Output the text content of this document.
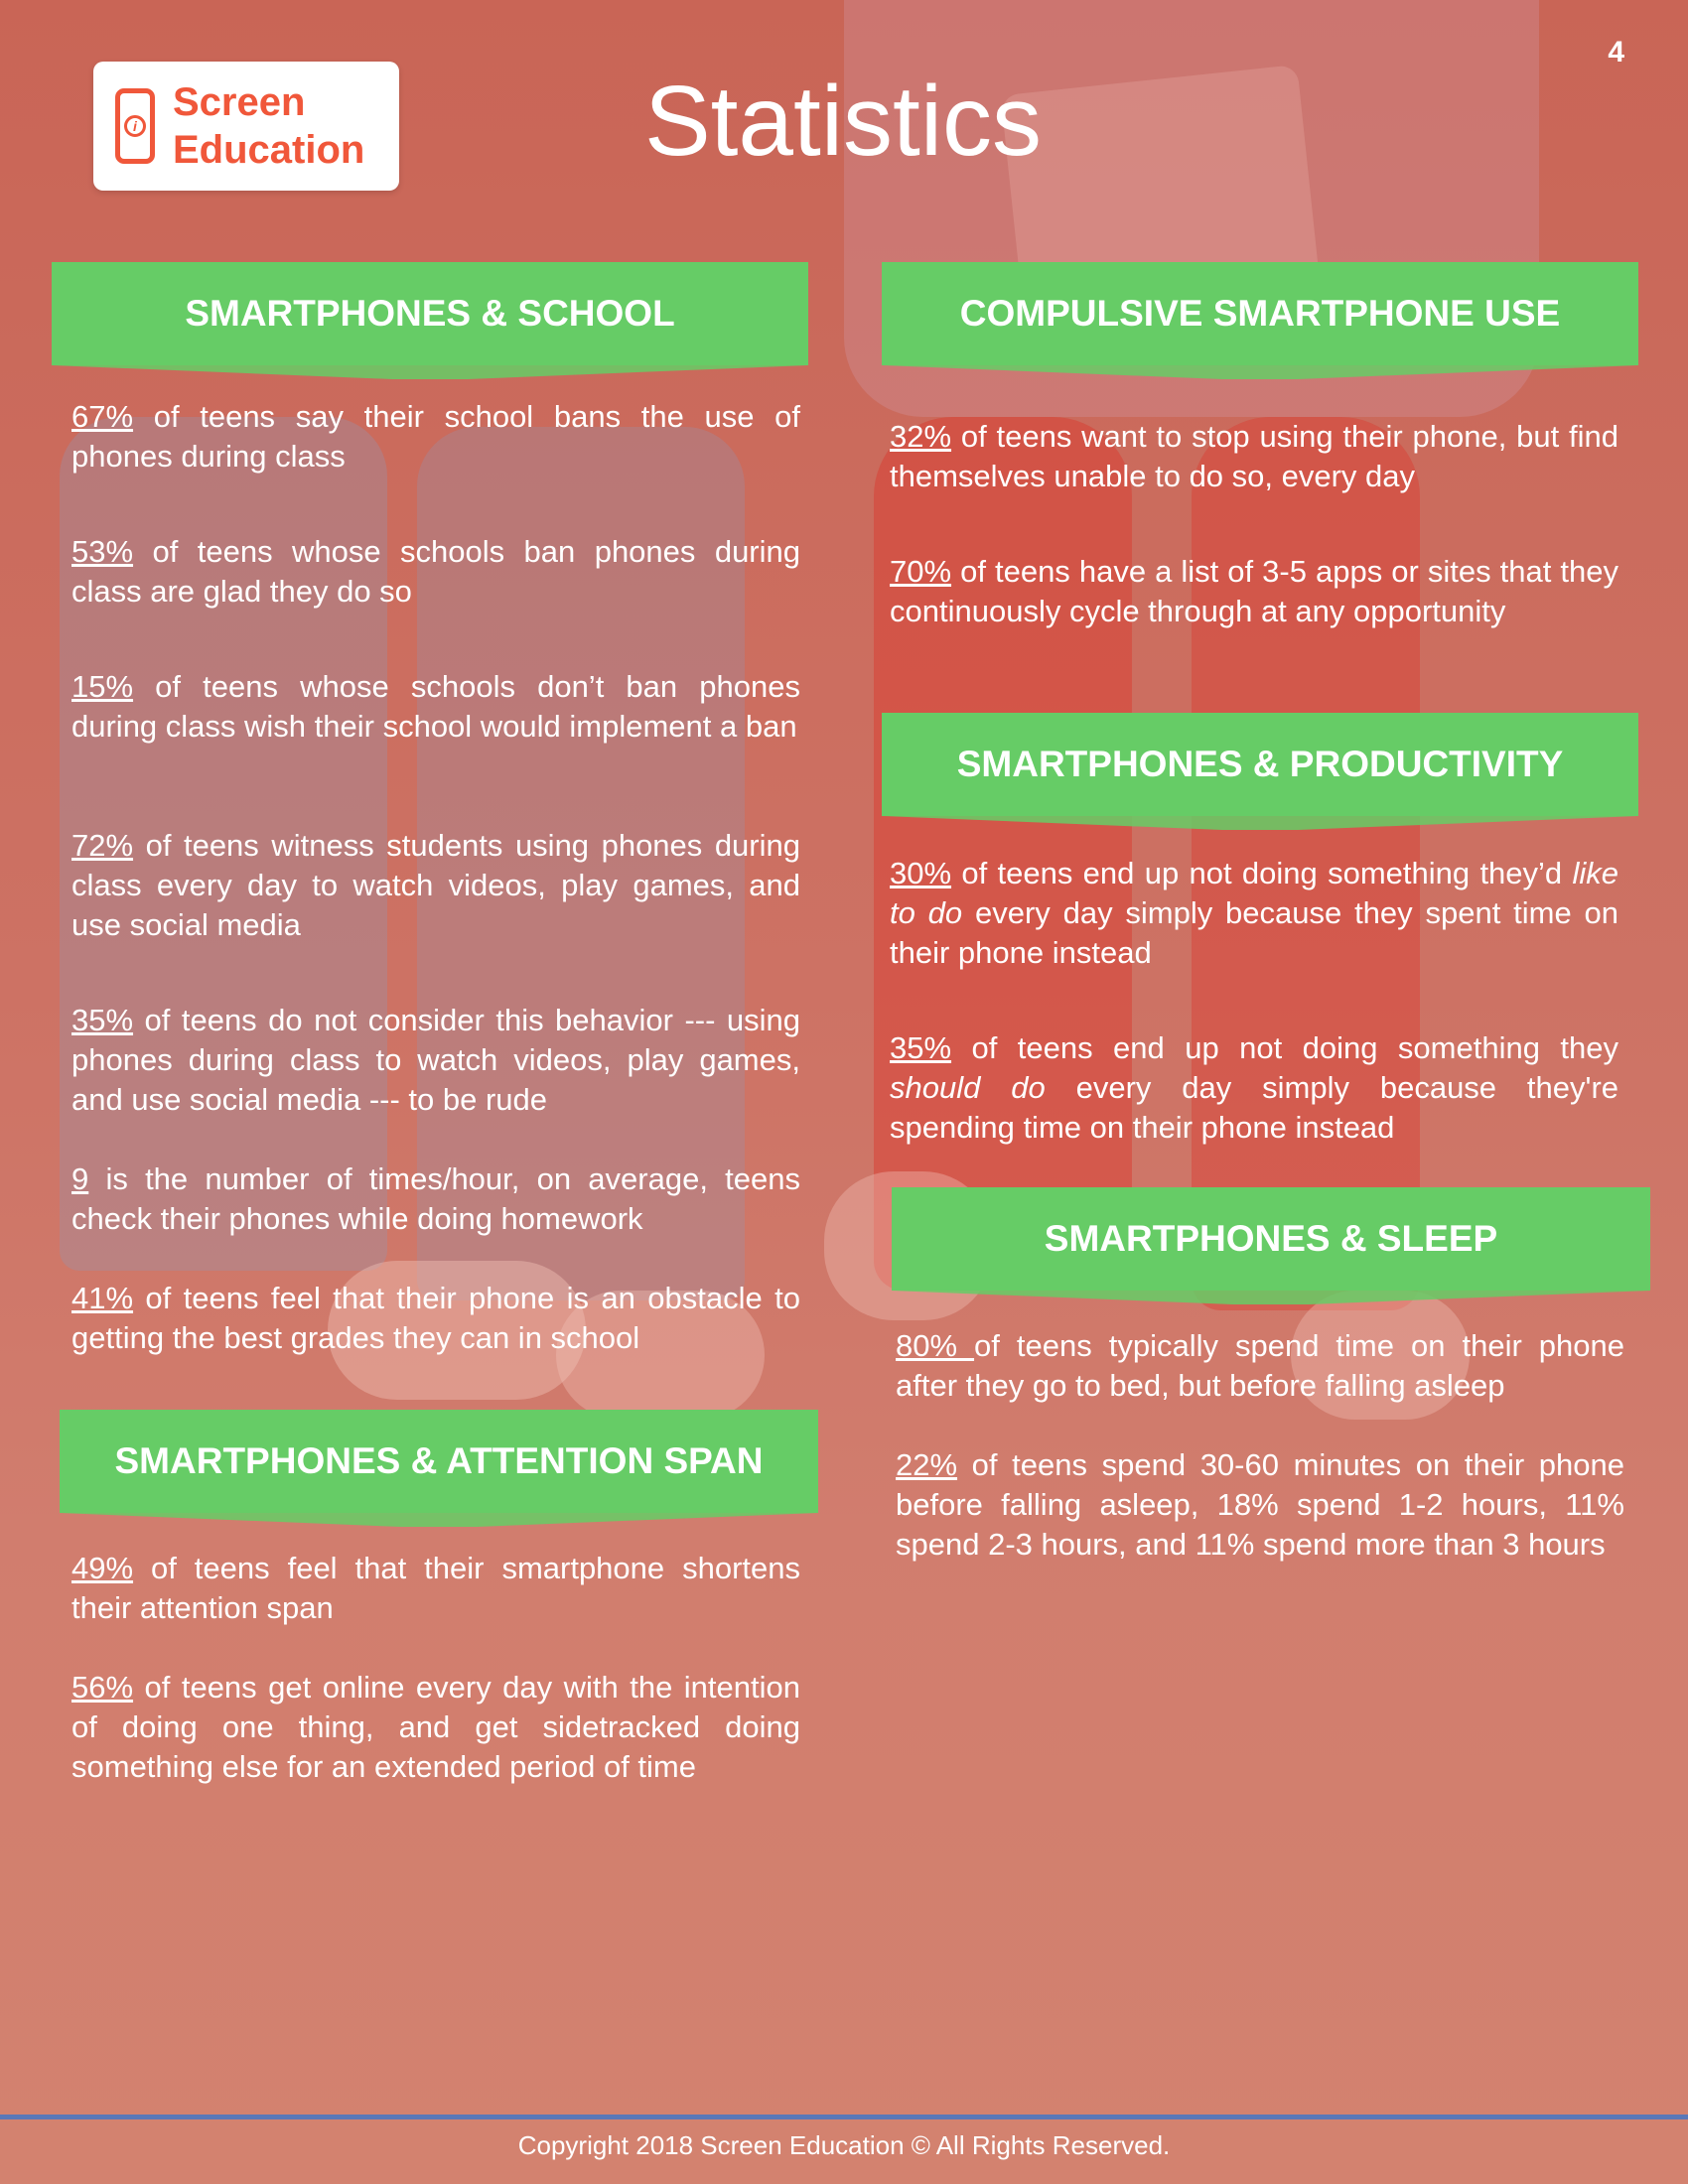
4
i
Screen
Education	Statistics
SMARTPHONES & SCHOOL
67% of teens say their school bans the use of phones during class
53% of teens whose schools ban phones during class are glad they do so
15% of teens whose schools don’t ban phones during class wish their school would implement a ban
72% of teens witness students using phones during class every day to watch videos, play games, and use social media
35% of teens do not consider this behavior --- using phones during class to watch videos, play games, and use social media --- to be rude
9 is the number of times/hour, on average, teens check their phones while doing homework
41% of teens feel that their phone is an obstacle to getting the best grades they can in school
SMARTPHONES & ATTENTION SPAN
49% of teens feel that their smartphone shortens their attention span
56% of teens get online every day with the intention of doing one thing, and get sidetracked doing something else for an extended period of time
COMPULSIVE SMARTPHONE USE
32% of teens want to stop using their phone, but find themselves unable to do so, every day
70% of teens have a list of 3-5 apps or sites that they continuously cycle through at any opportunity
SMARTPHONES & PRODUCTIVITY
30% of teens end up not doing something they’d like to do every day simply because they spent time on their phone instead
35% of teens end up not doing something they should do every day simply because they're spending time on their phone instead
SMARTPHONES & SLEEP
80% of teens typically spend time on their phone after they go to bed, but before falling asleep
22% of teens spend 30-60 minutes on their phone before falling asleep, 18% spend 1-2 hours, 11% spend 2-3 hours, and 11% spend more than 3 hours
Copyright 2018 Screen Education © All Rights Reserved.
